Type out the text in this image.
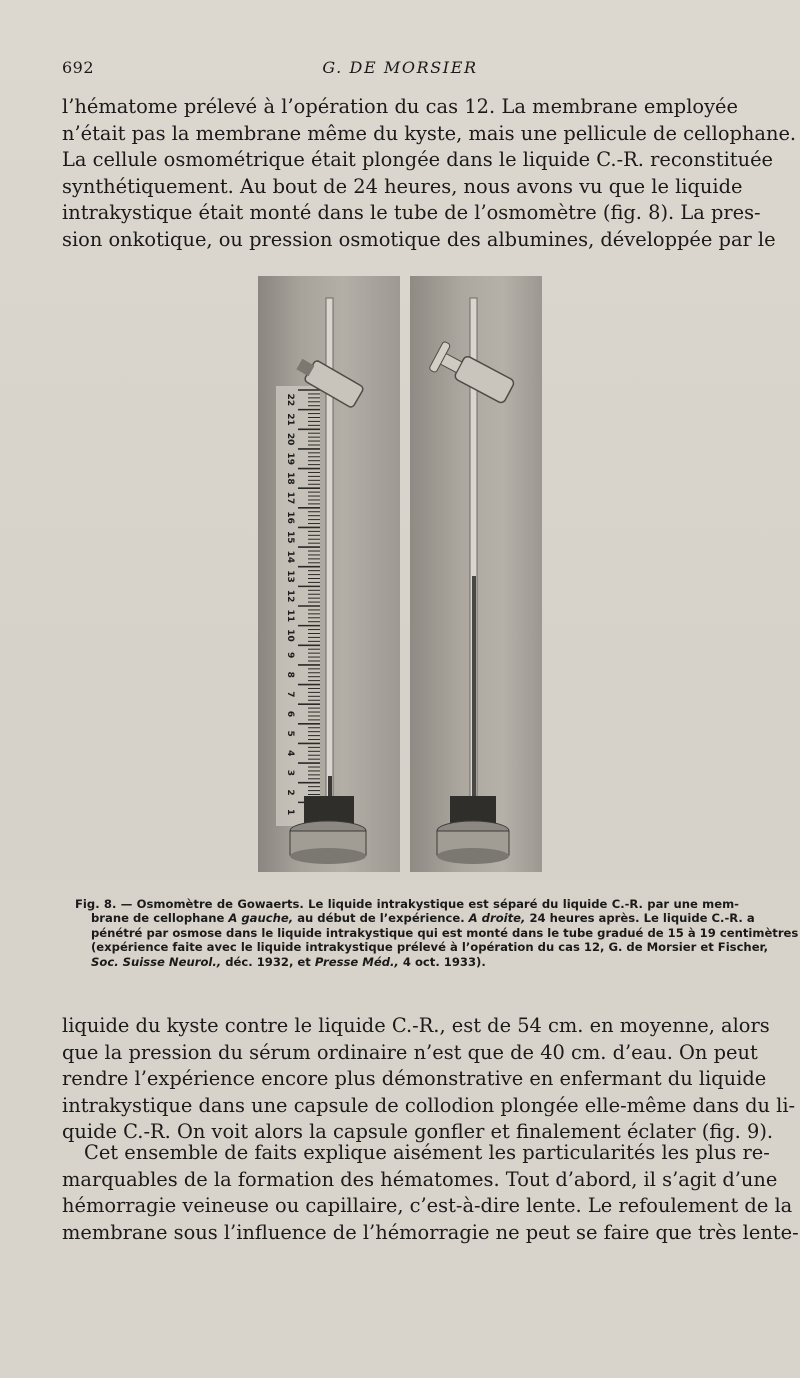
692	G. DE MORSIER

l’hématome prélevé à l’opération du cas 12. La membrane employée
n’était pas la membrane même du kyste, mais une pellicule de cellophane.
La cellule osmométrique était plongée dans le liquide C.-R. reconstituée
synthétiquement. Au bout de 24 heures, nous avons vu que le liquide
intrakystique était monté dans le tube de l’osmomètre (fig. 8). La pres-
sion onkotique, ou pression osmotique des albumines, développée par le

22
21
20
19
18
17
16
15
14
13
12
11
10
9
8
7
6
5
4
3
2
1
Fig. 8. — Osmomètre de Gowaerts. Le liquide intrakystique est séparé du liquide C.-R. par une mem-
brane de cellophane A gauche, au début de l’expérience. A droite, 24 heures après. Le liquide C.-R. a
pénétré par osmose dans le liquide intrakystique qui est monté dans le tube gradué de 15 à 19 centimètres
(expérience faite avec le liquide intrakystique prélevé à l’opération du cas 12, G. de Morsier et Fischer,
Soc. Suisse Neurol., déc. 1932, et Presse Méd., 4 oct. 1933).

liquide du kyste contre le liquide C.-R., est de 54 cm. en moyenne, alors
que la pression du sérum ordinaire n’est que de 40 cm. d’eau. On peut
rendre l’expérience encore plus démonstrative en enfermant du liquide
intrakystique dans une capsule de collodion plongée elle-même dans du li-
quide C.-R. On voit alors la capsule gonfler et finalement éclater (fig. 9).

Cet ensemble de faits explique aisément les particularités les plus re-
marquables de la formation des hématomes. Tout d’abord, il s’agit d’une
hémorragie veineuse ou capillaire, c’est-à-dire lente. Le refoulement de la
membrane sous l’influence de l’hémorragie ne peut se faire que très lente-
